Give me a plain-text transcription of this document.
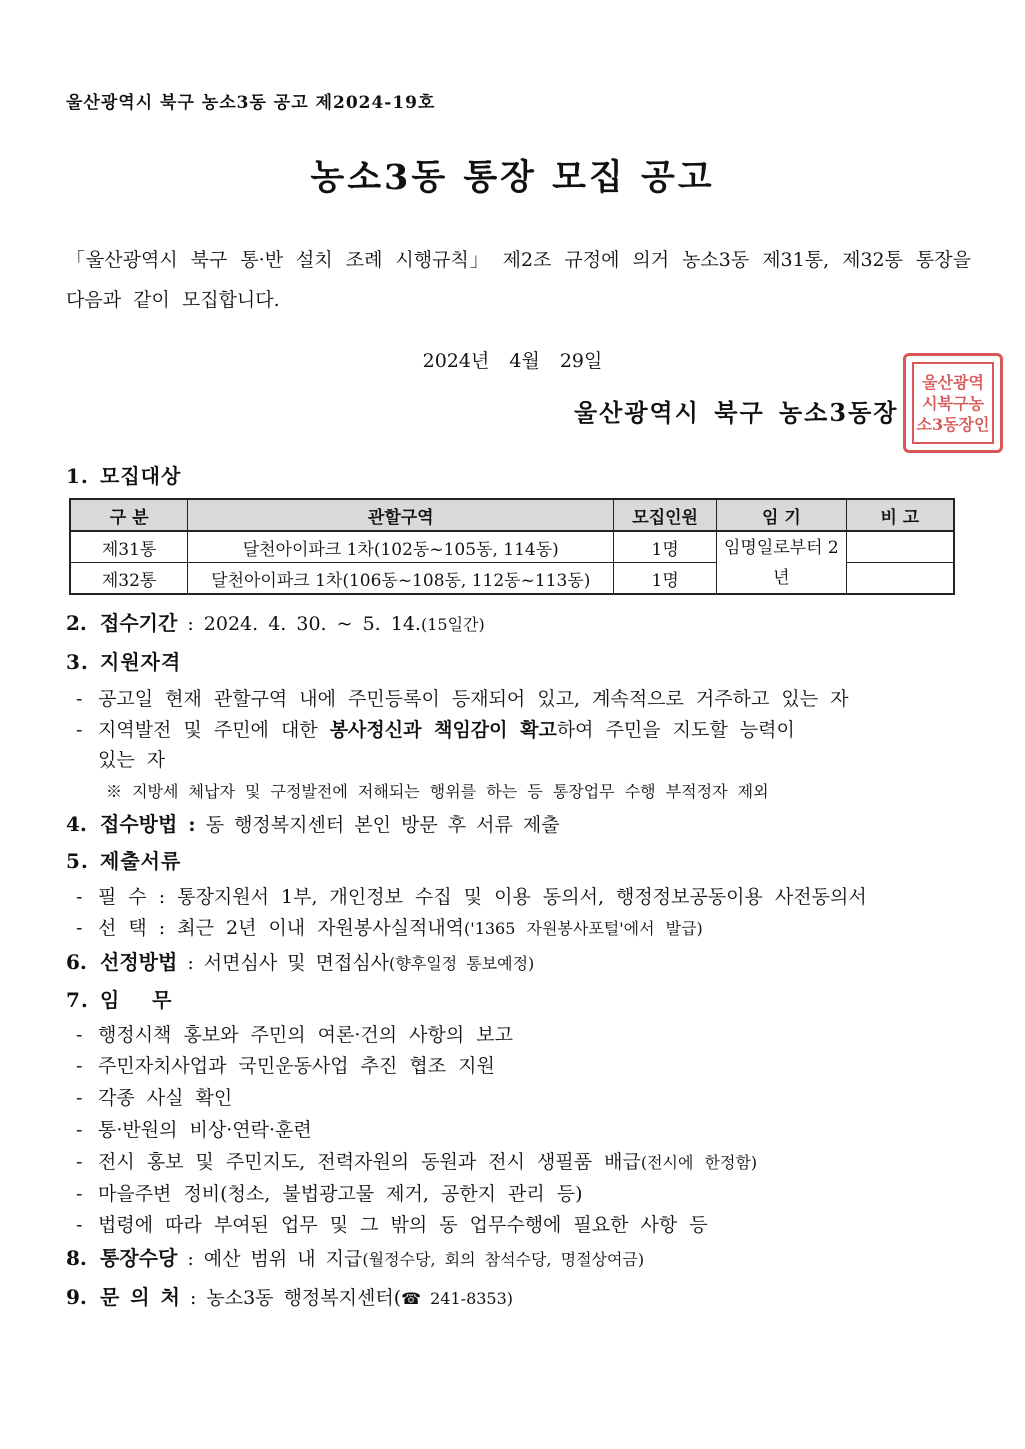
울산광역시 북구 농소3동 공고 제2024-19호
농소3동 통장 모집 공고
「울산광역시 북구 통·반 설치 조례 시행규칙」 제2조 규정에 의거 농소3동 제31통, 제32통 통장을 다음과 같이 모집합니다.
2024년 4월 29일
울산광역시 북구 농소3동장
울산광역
시북구농
소3동장인
1. 모집대상
구 분	관할구역	모집인원	임 기	비 고
제31통	달천아이파크 1차(102동~105동, 114동)	1명	임명일로부터 2년	
제32통	달천아이파크 1차(106동~108동, 112동~113동)	1명		
2. 접수기간 : 2024. 4. 30. ~ 5. 14.(15일간)
3. 지원자격
- 공고일 현재 관할구역 내에 주민등록이 등재되어 있고, 계속적으로 거주하고 있는 자
- 지역발전 및 주민에 대한 봉사정신과 책임감이 확고하여 주민을 지도할 능력이
있는 자
※ 지방세 체납자 및 구정발전에 저해되는 행위를 하는 등 통장업무 수행 부적정자 제외
4. 접수방법 : 동 행정복지센터 본인 방문 후 서류 제출
5. 제출서류
- 필 수 : 통장지원서 1부, 개인정보 수집 및 이용 동의서, 행정정보공동이용 사전동의서
- 선 택 : 최근 2년 이내 자원봉사실적내역('1365 자원봉사포털'에서 발급)
6. 선정방법 : 서면심사 및 면접심사(향후일정 통보예정)
7. 임    무
- 행정시책 홍보와 주민의 여론·건의 사항의 보고
- 주민자치사업과 국민운동사업 추진 협조 지원
- 각종 사실 확인
- 통·반원의 비상·연락·훈련
- 전시 홍보 및 주민지도, 전력자원의 동원과 전시 생필품 배급(전시에 한정함)
- 마을주변 정비(청소, 불법광고물 제거, 공한지 관리 등)
- 법령에 따라 부여된 업무 및 그 밖의 동 업무수행에 필요한 사항 등
8. 통장수당 : 예산 범위 내 지급(월정수당, 회의 참석수당, 명절상여금)
9. 문 의 처 : 농소3동 행정복지센터(☎ 241-8353)
